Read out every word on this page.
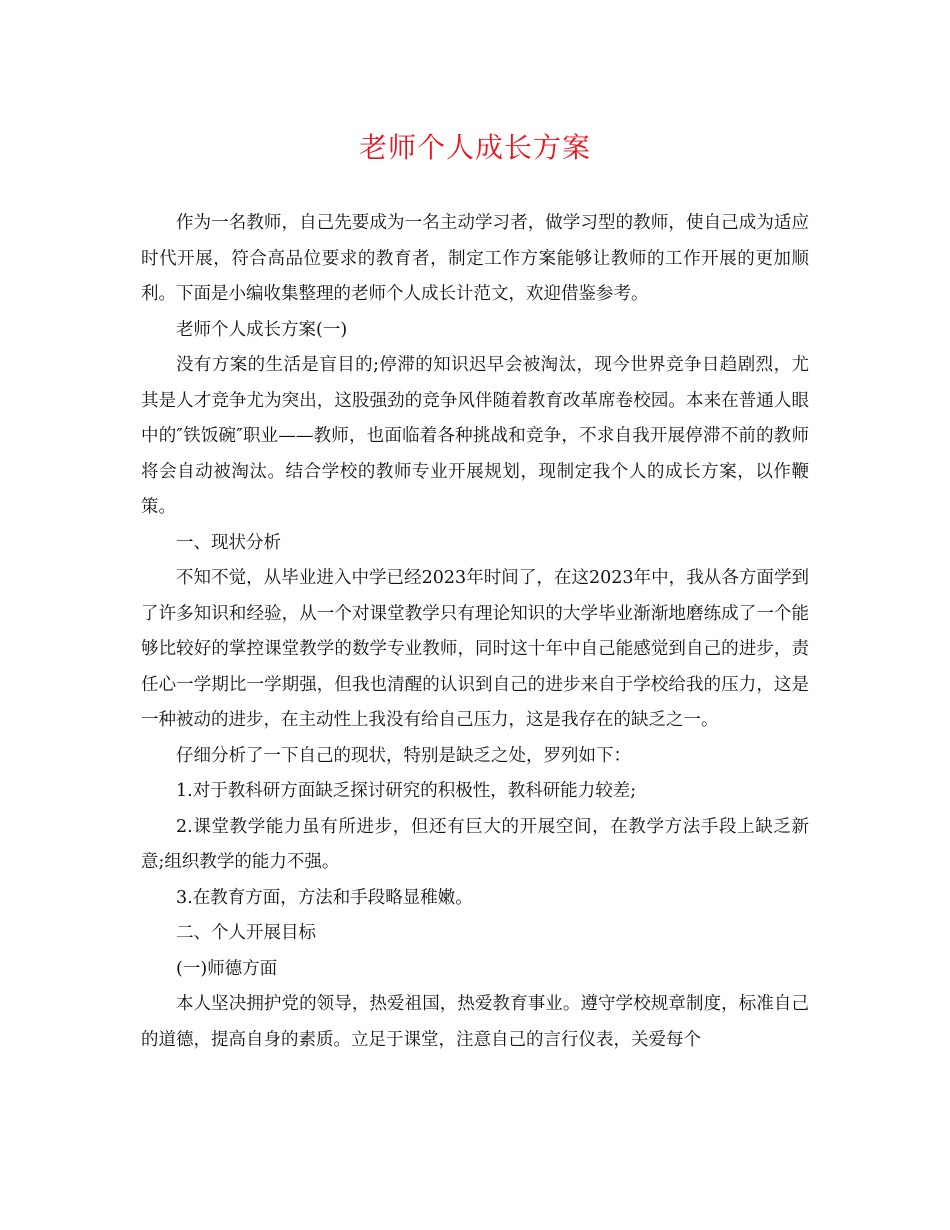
老师个人成长方案

作为一名教师，自己先要成为一名主动学习者，做学习型的教师，使自己成为适应时代开展，符合高品位要求的教育者，制定工作方案能够让教师的工作开展的更加顺利。下面是小编收集整理的老师个人成长计范文，欢迎借鉴参考。

老师个人成长方案(一)

没有方案的生活是盲目的;停滞的知识迟早会被淘汰，现今世界竞争日趋剧烈，尤其是人才竞争尤为突出，这股强劲的竞争风伴随着教育改革席卷校园。本来在普通人眼中的″铁饭碗″职业——教师，也面临着各种挑战和竞争，不求自我开展停滞不前的教师将会自动被淘汰。结合学校的教师专业开展规划，现制定我个人的成长方案，以作鞭策。

一、现状分析

不知不觉，从毕业进入中学已经2023年时间了，在这2023年中，我从各方面学到了许多知识和经验，从一个对课堂教学只有理论知识的大学毕业渐渐地磨练成了一个能够比较好的掌控课堂教学的数学专业教师，同时这十年中自己能感觉到自己的进步，责任心一学期比一学期强，但我也清醒的认识到自己的进步来自于学校给我的压力，这是一种被动的进步，在主动性上我没有给自己压力，这是我存在的缺乏之一。

仔细分析了一下自己的现状，特别是缺乏之处，罗列如下：

1.对于教科研方面缺乏探讨研究的积极性，教科研能力较差;

2.课堂教学能力虽有所进步，但还有巨大的开展空间，在教学方法手段上缺乏新意;组织教学的能力不强。

3.在教育方面，方法和手段略显稚嫩。

二、个人开展目标

(一)师德方面

本人坚决拥护党的领导，热爱祖国，热爱教育事业。遵守学校规章制度，标准自己的道德，提高自身的素质。立足于课堂，注意自己的言行仪表，关爱每个
